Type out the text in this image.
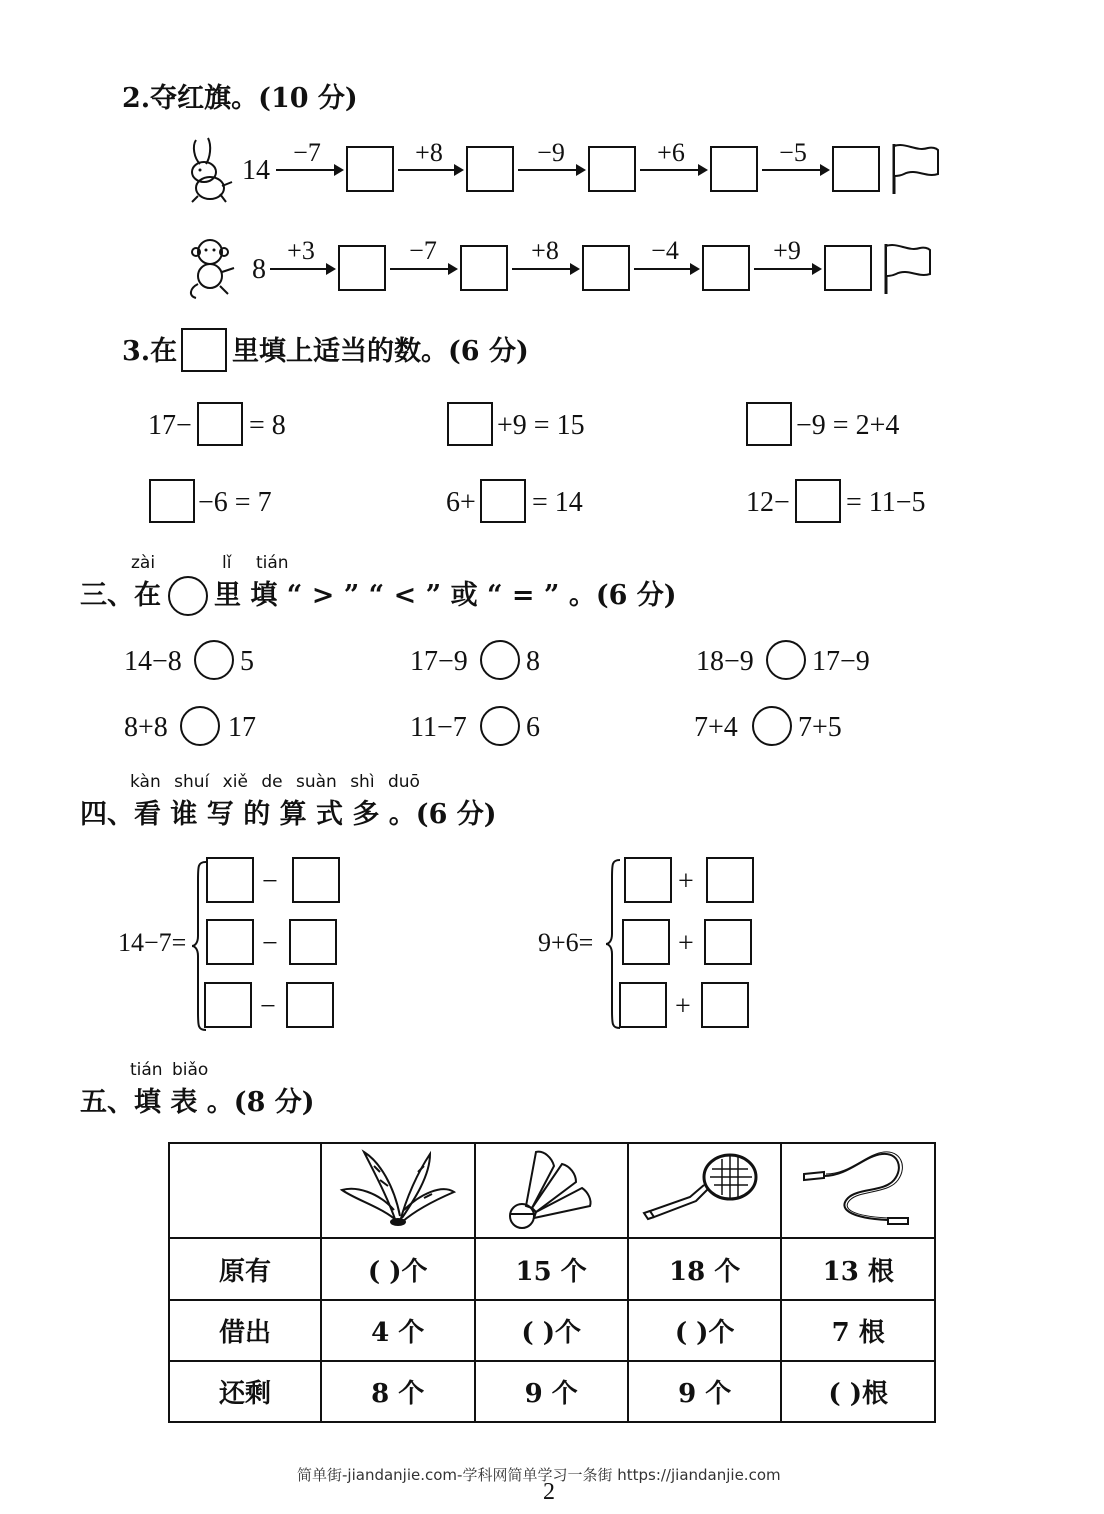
2.夺红旗。(10 分)
14
−7	+8	−9	+6	−5
8
+3	−7	+8	−4	+9
3.在 里填上适当的数。(6 分)
17− = 8	+9 = 15	−9 = 2+4
−6 = 7	6+ = 14	12− = 11−5
zài	lǐ tián
三、在 里 填 “ > ” “ < ” 或 “ = ” 。(6 分)
14−8 5	17−9 8	18−9 17−9
8+8 17	11−7 6	7+4 7+5
kàn shuí xiě de suàn shì duō
四、看 谁 写 的 算 式 多 。(6 分)
14−7=
−
−
−
9+6=
+
+
+
tián biǎo
五、填 表 。(8 分)

原有	( )个	15 个	18 个	13 根
借出	4 个	( )个	( )个	7 根
还剩	8 个	9 个	9 个	( )根
简单街-jiandanjie.com-学科网简单学习一条街 https://jiandanjie.com
2
